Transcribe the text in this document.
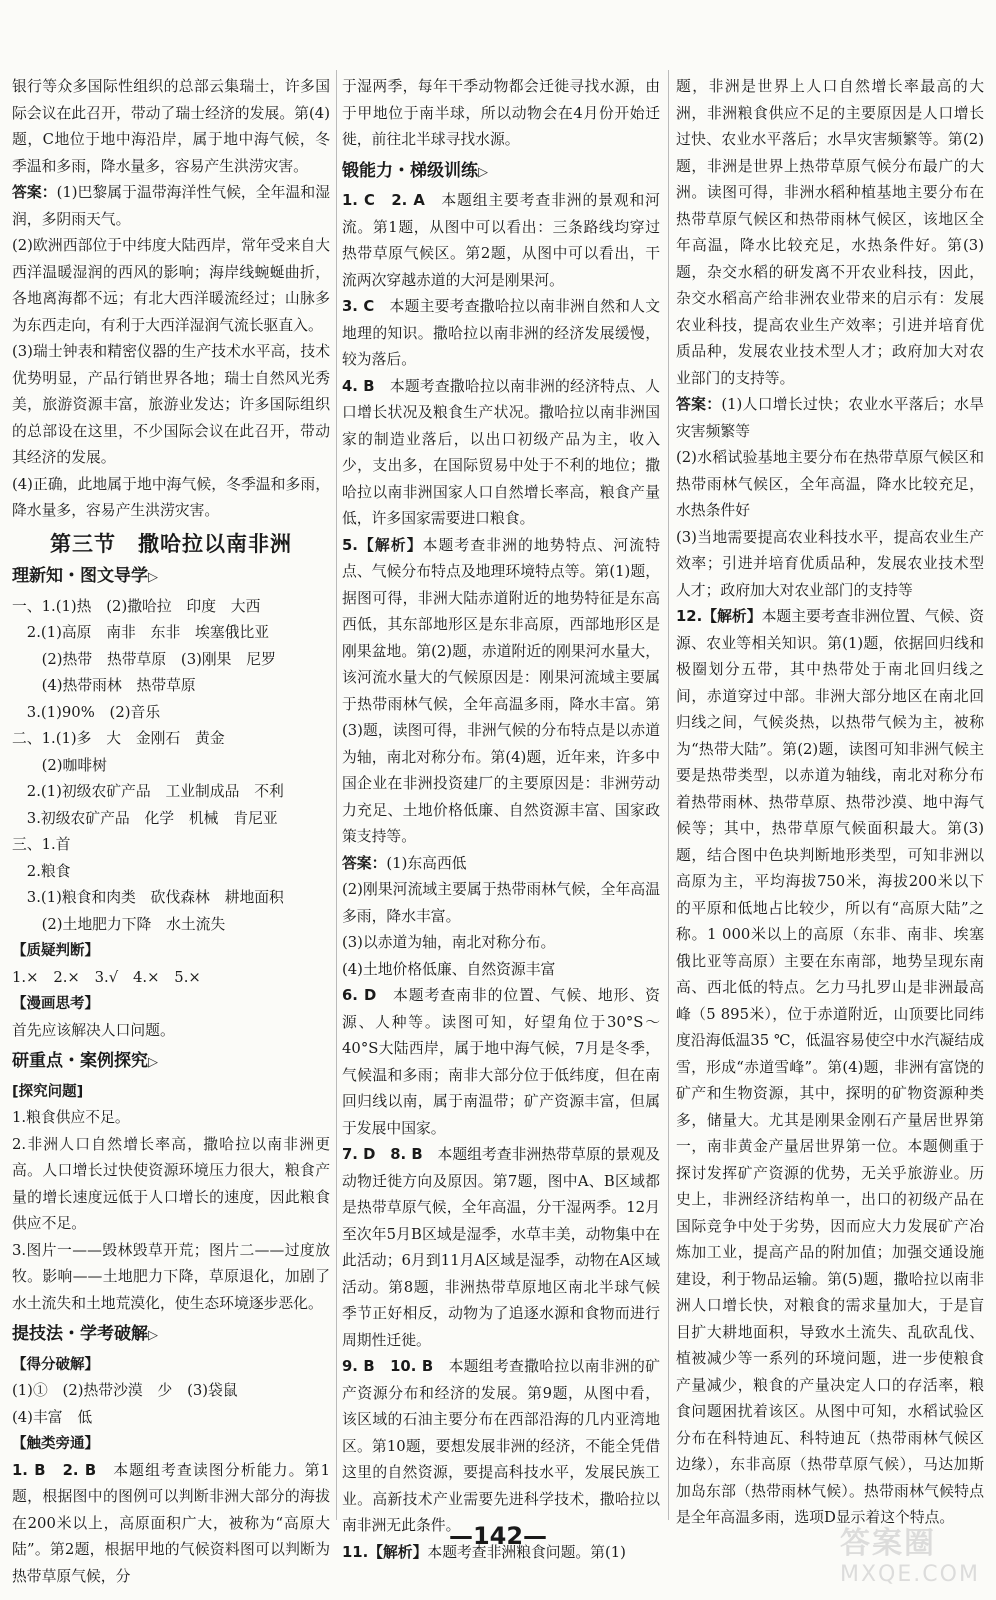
银行等众多国际性组织的总部云集瑞士，许多国际会议在此召开，带动了瑞士经济的发展。第(4)题，C地位于地中海沿岸，属于地中海气候，冬季温和多雨，降水量多，容易产生洪涝灾害。

答案：(1)巴黎属于温带海洋性气候，全年温和湿润，多阴雨天气。

(2)欧洲西部位于中纬度大陆西岸，常年受来自大西洋温暖湿润的西风的影响；海岸线蜿蜒曲折，各地离海都不远；有北大西洋暖流经过；山脉多为东西走向，有利于大西洋湿润气流长驱直入。

(3)瑞士钟表和精密仪器的生产技术水平高，技术优势明显，产品行销世界各地；瑞士自然风光秀美，旅游资源丰富，旅游业发达；许多国际组织的总部设在这里，不少国际会议在此召开，带动其经济的发展。

(4)正确，此地属于地中海气候，冬季温和多雨，降水量多，容易产生洪涝灾害。

第三节　撒哈拉以南非洲
理新知・图文导学▷
一、1.(1)热　(2)撒哈拉　印度　大西
　2.(1)高原　南非　东非　埃塞俄比亚
　　(2)热带　热带草原　(3)刚果　尼罗
　　(4)热带雨林　热带草原
　3.(1)90%　(2)音乐
二、1.(1)多　大　金刚石　黄金
　　(2)咖啡树
　2.(1)初级农矿产品　工业制成品　不利
　3.初级农矿产品　化学　机械　肯尼亚
三、1.首
　2.粮食
　3.(1)粮食和肉类　砍伐森林　耕地面积
　　(2)土地肥力下降　水土流失
【质疑判断】
1.×　2.×　3.√　4.×　5.×
【漫画思考】
首先应该解决人口问题。
研重点・案例探究▷
[探究问题]

1.粮食供应不足。

2.非洲人口自然增长率高，撒哈拉以南非洲更高。人口增长过快使资源环境压力很大，粮食产量的增长速度远低于人口增长的速度，因此粮食供应不足。

3.图片一——毁林毁草开荒；图片二——过度放牧。影响——土地肥力下降，草原退化，加剧了水土流失和土地荒漠化，使生态环境逐步恶化。

提技法・学考破解▷
【得分破解】
(1)①　(2)热带沙漠　少　(3)袋鼠
(4)丰富　低
【触类旁通】

1. B　2. B　 本题组考查读图分析能力。第1题，根据图中的图例可以判断非洲大部分的海拔在200米以上，高原面积广大，被称为“高原大陆”。第2题，根据甲地的气候资料图可以判断为热带草原气候，分

于湿两季，每年干季动物都会迁徙寻找水源，由于甲地位于南半球，所以动物会在4月份开始迁徙，前往北半球寻找水源。

锻能力・梯级训练▷

1. C　2. A　 本题组主要考查非洲的景观和河流。第1题，从图中可以看出：三条路线均穿过热带草原气候区。第2题，从图中可以看出，干流两次穿越赤道的大河是刚果河。

3. C　 本题主要考查撒哈拉以南非洲自然和人文地理的知识。撒哈拉以南非洲的经济发展缓慢，较为落后。

4. B　 本题考查撒哈拉以南非洲的经济特点、人口增长状况及粮食生产状况。撒哈拉以南非洲国家的制造业落后，以出口初级产品为主，收入少，支出多，在国际贸易中处于不利的地位；撒哈拉以南非洲国家人口自然增长率高，粮食产量低，许多国家需要进口粮食。

5.【解析】本题考查非洲的地势特点、河流特点、气候分布特点及地理环境特点等。第(1)题，据图可得，非洲大陆赤道附近的地势特征是东高西低，其东部地形区是东非高原，西部地形区是刚果盆地。第(2)题，赤道附近的刚果河水量大，该河流水量大的气候原因是：刚果河流域主要属于热带雨林气候，全年高温多雨，降水丰富。第(3)题，读图可得，非洲气候的分布特点是以赤道为轴，南北对称分布。第(4)题，近年来，许多中国企业在非洲投资建厂的主要原因是：非洲劳动力充足、土地价格低廉、自然资源丰富、国家政策支持等。

答案：(1)东高西低

(2)刚果河流域主要属于热带雨林气候，全年高温多雨，降水丰富。

(3)以赤道为轴，南北对称分布。

(4)土地价格低廉、自然资源丰富

6. D　 本题考查南非的位置、气候、地形、资源、人种等。读图可知，好望角位于30°S～40°S大陆西岸，属于地中海气候，7月是冬季，气候温和多雨；南非大部分位于低纬度，但在南回归线以南，属于南温带；矿产资源丰富，但属于发展中国家。

7. D　8. B　 本题组考查非洲热带草原的景观及动物迁徙方向及原因。第7题，图中A、B区域都是热带草原气候，全年高温，分干湿两季。12月至次年5月B区域是湿季，水草丰美，动物集中在此活动；6月到11月A区域是湿季，动物在A区域活动。第8题，非洲热带草原地区南北半球气候季节正好相反，动物为了追逐水源和食物而进行周期性迁徙。

9. B　10. B　 本题组考查撒哈拉以南非洲的矿产资源分布和经济的发展。第9题，从图中看，该区域的石油主要分布在西部沿海的几内亚湾地区。第10题，要想发展非洲的经济，不能全凭借这里的自然资源，要提高科技水平，发展民族工业。高新技术产业需要先进科学技术，撒哈拉以南非洲无此条件。

11.【解析】本题考查非洲粮食问题。第(1)

题，非洲是世界上人口自然增长率最高的大洲，非洲粮食供应不足的主要原因是人口增长过快、农业水平落后；水旱灾害频繁等。第(2)题，非洲是世界上热带草原气候分布最广的大洲。读图可得，非洲水稻种植基地主要分布在热带草原气候区和热带雨林气候区，该地区全年高温，降水比较充足，水热条件好。第(3)题，杂交水稻的研发离不开农业科技，因此，杂交水稻高产给非洲农业带来的启示有：发展农业科技，提高农业生产效率；引进并培育优质品种，发展农业技术型人才；政府加大对农业部门的支持等。

答案：(1)人口增长过快；农业水平落后；水旱灾害频繁等

(2)水稻试验基地主要分布在热带草原气候区和热带雨林气候区，全年高温，降水比较充足，水热条件好

(3)当地需要提高农业科技水平，提高农业生产效率；引进并培育优质品种，发展农业技术型人才；政府加大对农业部门的支持等

12.【解析】本题主要考查非洲位置、气候、资源、农业等相关知识。第(1)题，依据回归线和极圈划分五带，其中热带处于南北回归线之间，赤道穿过中部。非洲大部分地区在南北回归线之间，气候炎热，以热带气候为主，被称为“热带大陆”。第(2)题，读图可知非洲气候主要是热带类型，以赤道为轴线，南北对称分布着热带雨林、热带草原、热带沙漠、地中海气候等；其中，热带草原气候面积最大。第(3)题，结合图中色块判断地形类型，可知非洲以高原为主，平均海拔750米，海拔200米以下的平原和低地占比较少，所以有“高原大陆”之称。1 000米以上的高原（东非、南非、埃塞俄比亚等高原）主要在东南部，地势呈现东南高、西北低的特点。乞力马扎罗山是非洲最高峰（5 895米），位于赤道附近，山顶要比同纬度沿海低温35 ℃，低温容易使空中水汽凝结成雪，形成“赤道雪峰”。第(4)题，非洲有富饶的矿产和生物资源，其中，探明的矿物资源种类多，储量大。尤其是刚果金刚石产量居世界第一，南非黄金产量居世界第一位。本题侧重于探讨发挥矿产资源的优势，无关乎旅游业。历史上，非洲经济结构单一，出口的初级产品在国际竞争中处于劣势，因而应大力发展矿产冶炼加工业，提高产品的附加值；加强交通设施建设，利于物品运输。第(5)题，撒哈拉以南非洲人口增长快，对粮食的需求量加大，于是盲目扩大耕地面积，导致水土流失、乱砍乱伐、植被减少等一系列的环境问题，进一步使粮食产量减少，粮食的产量决定人口的存活率，粮食问题困扰着该区。从图中可知，水稻试验区分布在科特迪瓦、科特迪瓦（热带雨林气候区边缘），东非高原（热带草原气候），马达加斯加岛东部（热带雨林气候）。热带雨林气候特点是全年高温多雨，选项D显示着这个特点。

—142—	答案圈
MXQE.COM
